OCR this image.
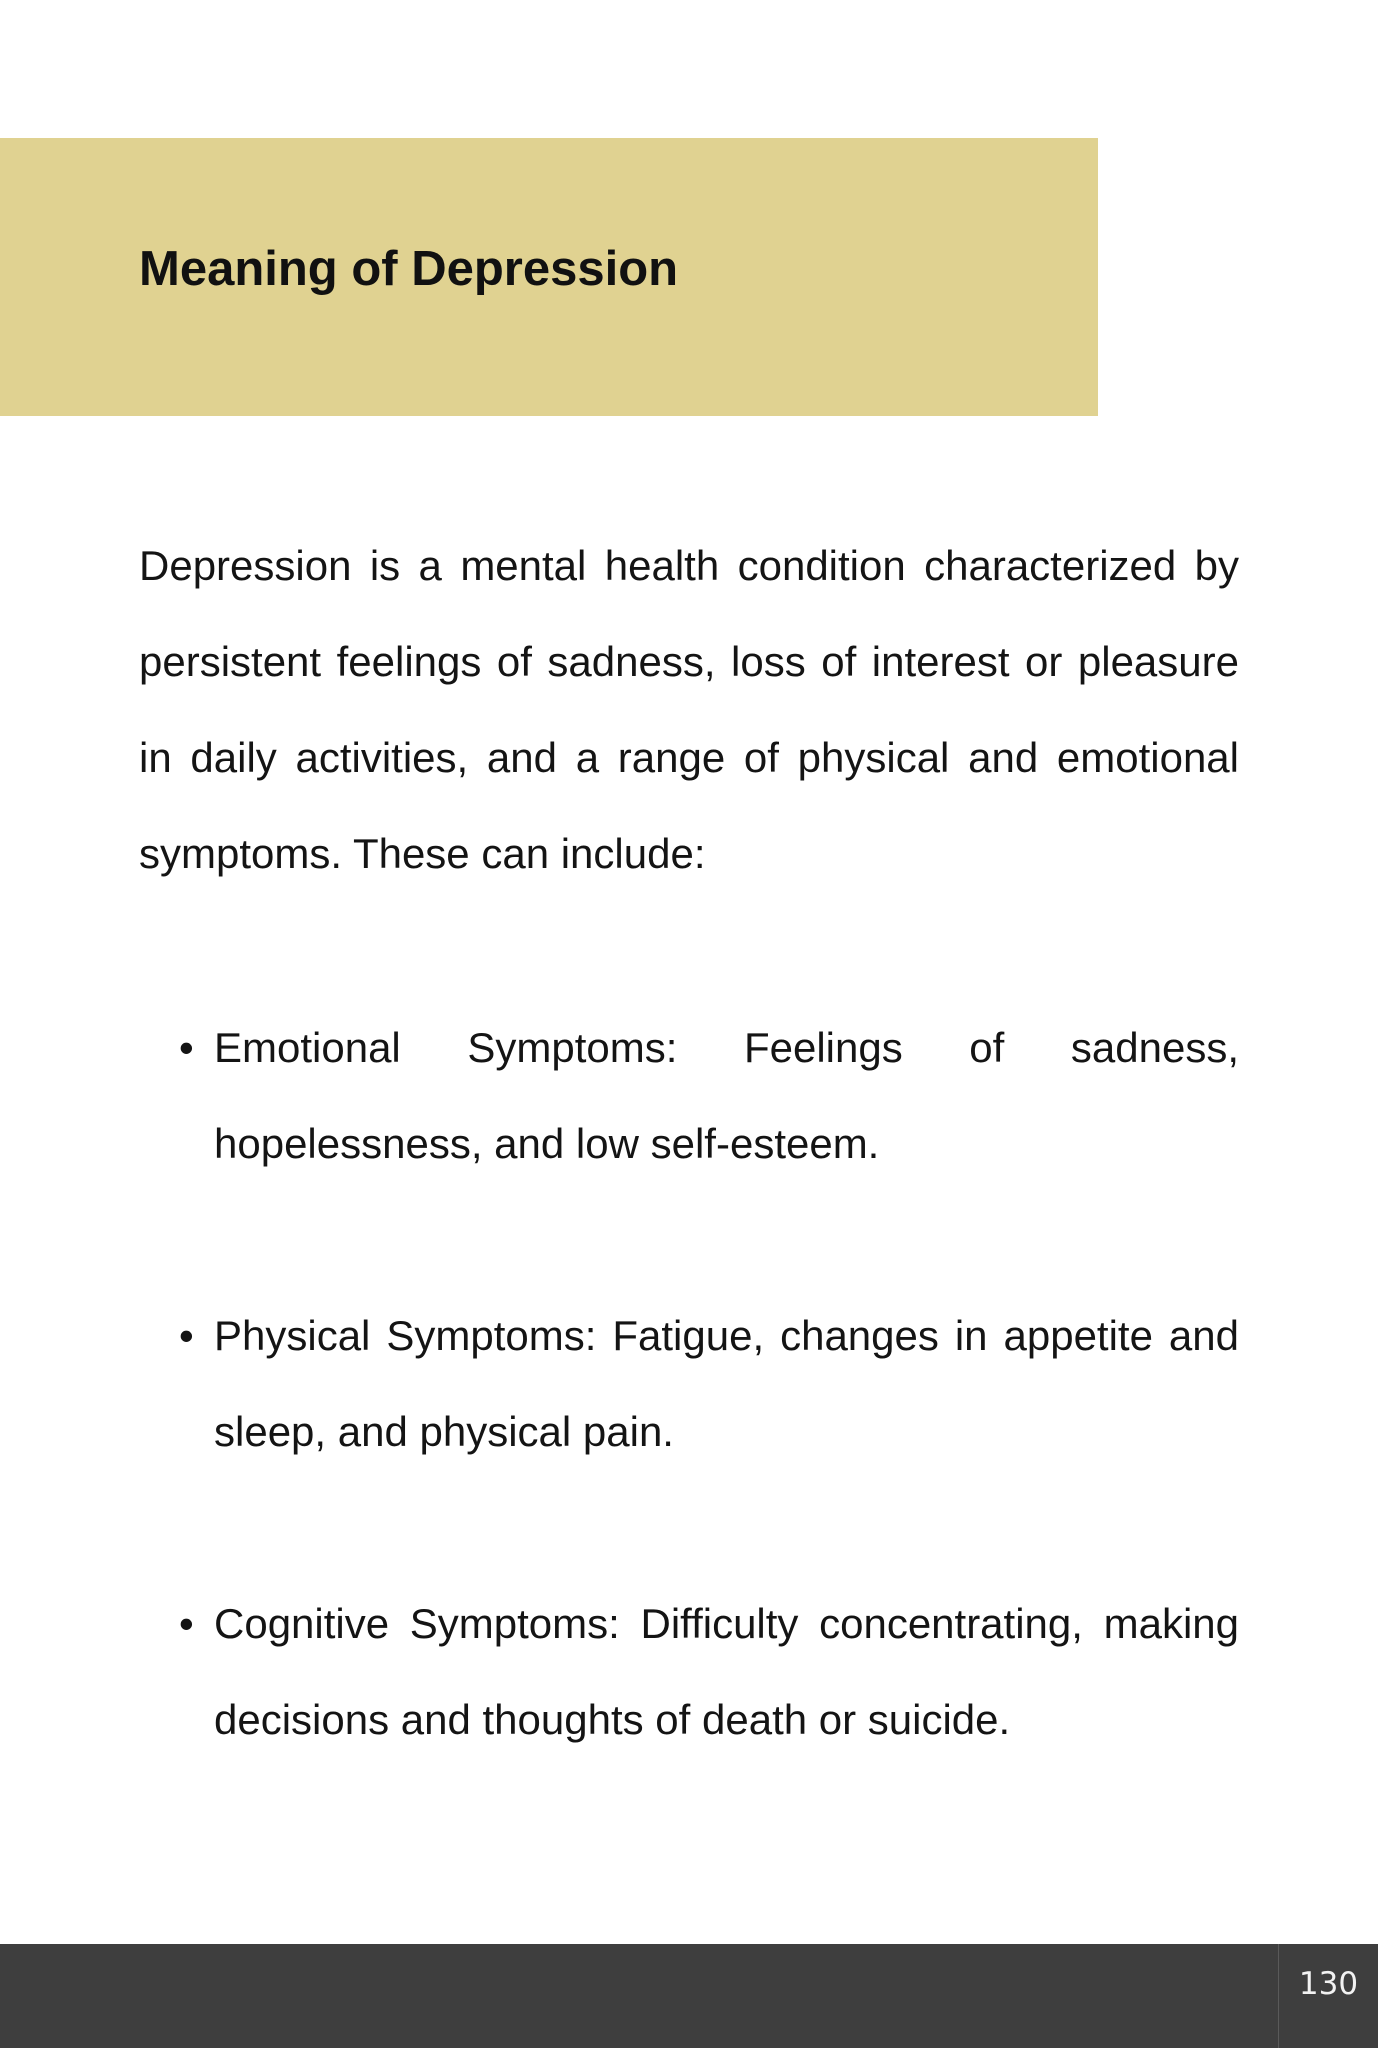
Meaning of Depression

Depression is a mental health condition characterized by persistent feelings of sadness, loss of interest or pleasure in daily activities, and a range of physical and emotional symptoms. These can include:

• Emotional Symptoms: Feelings of sadness, hopelessness, and low self-esteem.

• Physical Symptoms: Fatigue, changes in appetite and sleep, and physical pain.

• Cognitive Symptoms: Difficulty concentrating, making decisions and thoughts of death or suicide.

130
